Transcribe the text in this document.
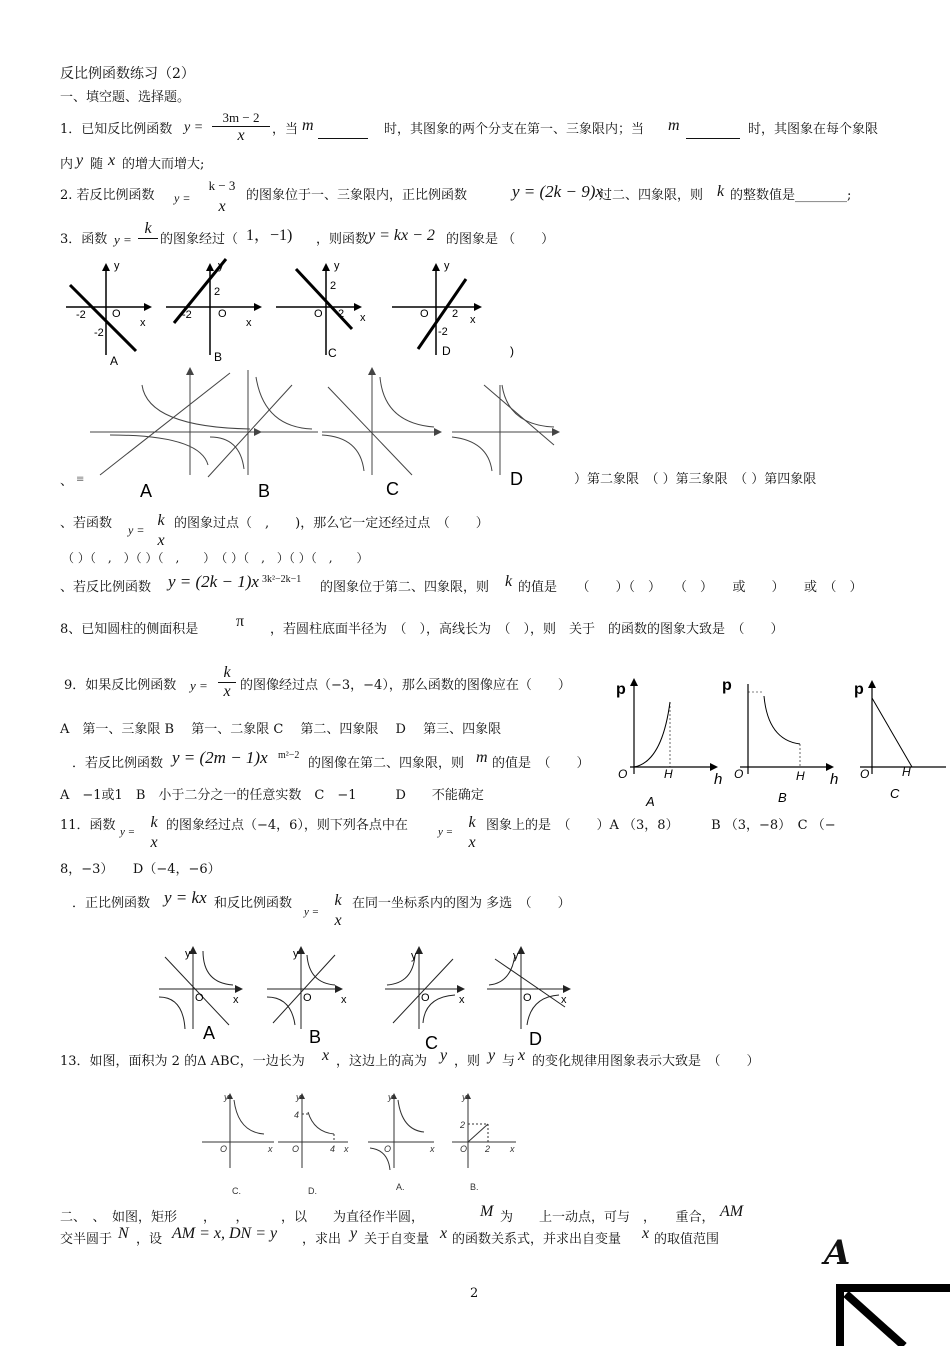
反比例函数练习（2）
一、填空题、选择题。
1．已知反比例函数 y =
3m − 2
x	，当 m
	时，其图象的两个分支在第一、三象限内；当 m
	时，其图象在每个象限
内 y 随 x 的增大而增大;
2. 若反比例函数 y =
k − 3
x
的图象位于一、三象限内，正比例函数	y = (2k − 9)x
过二、四象限，则 k 的整数值是________;
3．函数 y =
k
的图象经过（ 1，−1) ，则函数 y = kx − 2 的图象是 （　　）
y
-2
-2
O
x
A
y
-2
2
O
x
B
y
2
2
O	x
C
y
2
-2
O	x
D	)
A	B	C	D
、 ≡	）第二象限　（ ）第三象限　（ ）第四象限
、若函数 y =
k
x
的图象过点（　,　　)，那么它一定还经过点　（　　）
（ ）（　,　）（ ）（　,　　）　（ ）（　,　）（ ）（　,　　）
、若反比例函数 y = (2k − 1)x 3k²−2k−1
的图象位于第二、四象限，则 k 的值是　　（　　）（　）　　（　）　　或　　）　　或　（　）
8、已知圆柱的侧面积是 π ，若圆柱底面半径为　（　），高线长为　（　），则　关于　的函数的图象大致是　（　　）
9．如果反比例函数 $y = \frac{k}{x}$ 的图像经过点（−3，−4），那么函数的图像应在（　　）
A　第一、三象限 B　 第一、二象限 C　 第二、四象限 　D　 第三、四象限
p
O	H	h
A
p
O	H h
B
p
O	H
C
．若反比例函数 y = (2m − 1)x m²−2
的图像在第二、四象限，则 m 的值是　（　　）
A　−1或1　B　小于二分之一的任意实数　C　−1　　　D　　不能确定
11．函数 y =
k
x
的图象经过点（−4，6），则下列各点中在	y =
k
x
图象上的是　（　　）A （3，8）　　　B （3，−8）　C （−
8，−3）　　D（−4，−6）
．正比例函数 y = kx 和反比例函数
y =
k
x
在同一坐标系内的图为 多选　（　　）
y
O	x
y
O	x
y
O	x
y
O	x
A	B	C	D
13．如图，面积为 2 的Δ ABC，一边长为 x ，这边上的高为 y ，则 y 与 x 的变化规律用图象表示大致是　（　　）
y
O	x
y
4
O	4 x
y
O	x
y
2
O 2 x
C.	D.	A.	B.
二、　、　如图，矩形　　，　　，　　　，以　　为直径作半圆，	M 为　　上一动点，可与　，　　重合， AM
交半圆于 N ，设 AM = x, DN = y ，求出 y 关于自变量 x 的函数关系式，并求出自变量 x 的取值范围	A
2
